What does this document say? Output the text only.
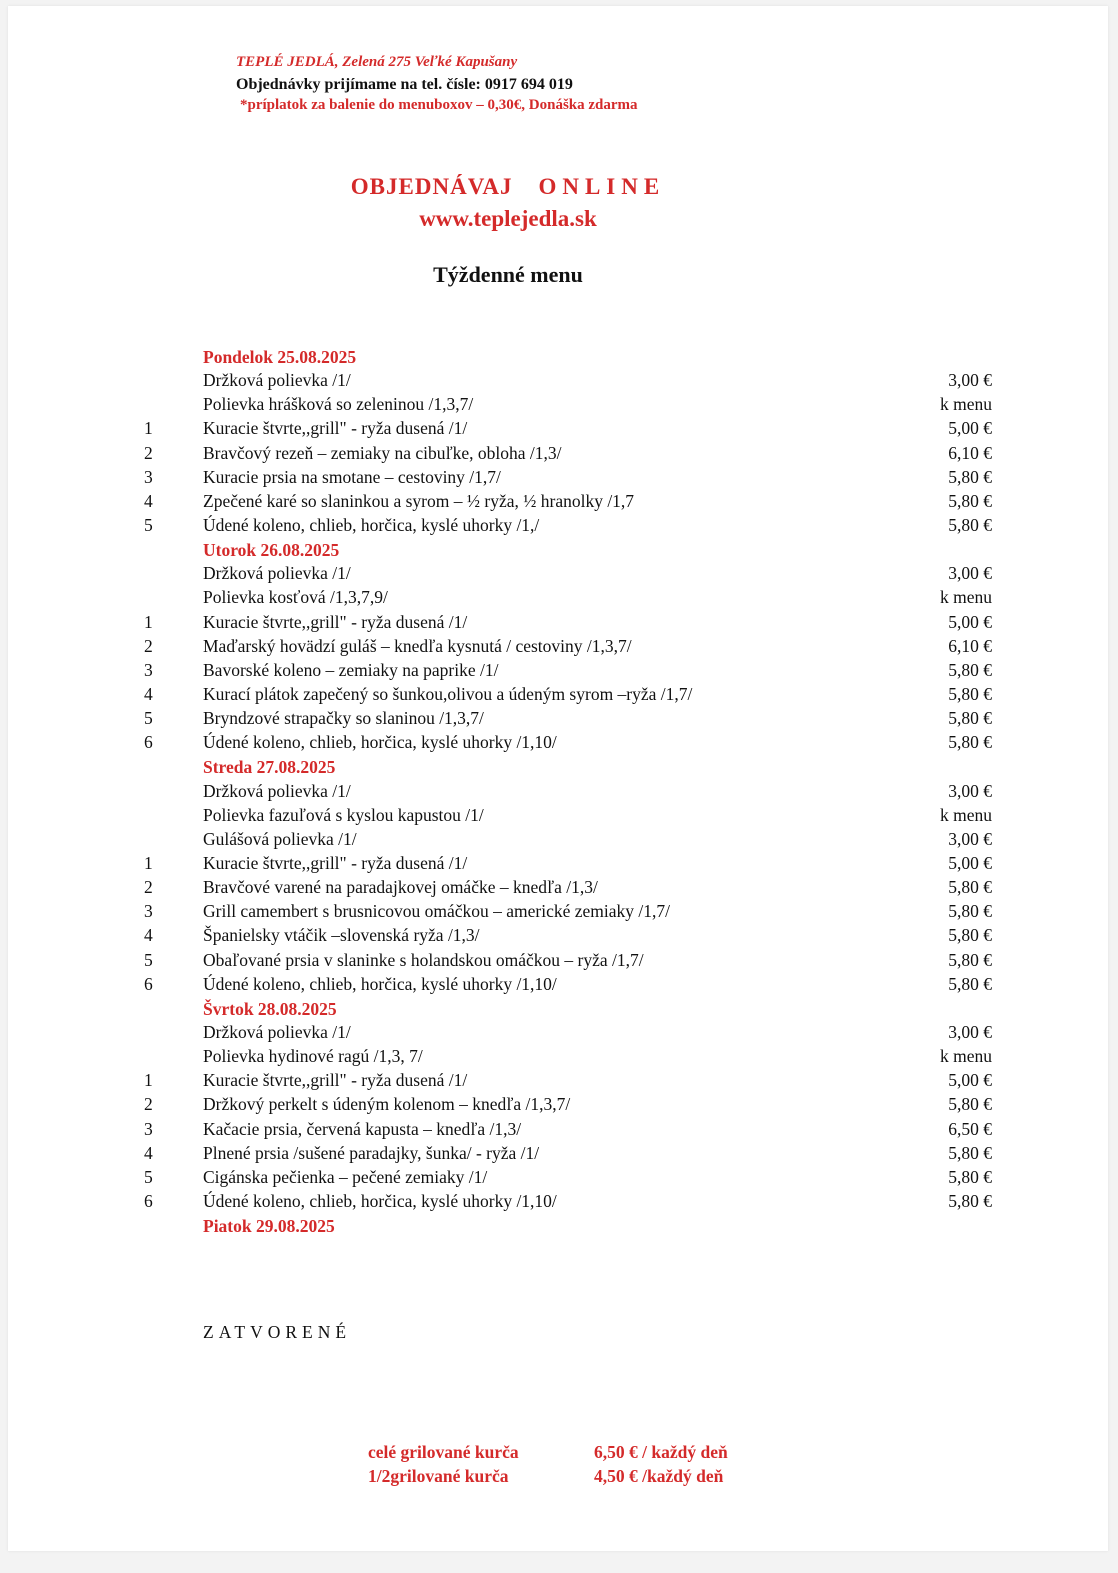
TEPLÉ JEDLÁ, Zelená 275 Veľké Kapušany
Objednávky prijímame na tel. čísle: 0917 694 019
*príplatok za balenie do menuboxov – 0,30€, Donáška zdarma
OBJEDNÁVAJ ONLINE
www.teplejedla.sk
Týždenné menu
Pondelok 25.08.2025
Držková polievka /1/	3,00 €
Polievka hrášková so zeleninou /1,3,7/	k menu
1	Kuracie štvrte,,grill" - ryža dusená /1/	5,00 €
2	Bravčový rezeň – zemiaky na cibuľke, obloha /1,3/	6,10 €
3	Kuracie prsia na smotane – cestoviny /1,7/	5,80 €
4	Zpečené karé so slaninkou a syrom – ½ ryža, ½ hranolky /1,7	5,80 €
5	Údené koleno, chlieb, horčica, kyslé uhorky /1,/	5,80 €
Utorok 26.08.2025
Držková polievka /1/	3,00 €
Polievka kosťová /1,3,7,9/	k menu
1	Kuracie štvrte,,grill" - ryža dusená /1/	5,00 €
2	Maďarský hovädzí guláš – knedľa kysnutá / cestoviny /1,3,7/	6,10 €
3	Bavorské koleno – zemiaky na paprike /1/	5,80 €
4	Kurací plátok zapečený so šunkou,olivou a údeným syrom –ryža /1,7/	5,80 €
5	Bryndzové strapačky so slaninou /1,3,7/	5,80 €
6	Údené koleno, chlieb, horčica, kyslé uhorky /1,10/	5,80 €
Streda 27.08.2025
Držková polievka /1/	3,00 €
Polievka fazuľová s kyslou kapustou /1/	k menu
Gulášová polievka /1/	3,00 €
1	Kuracie štvrte,,grill" - ryža dusená /1/	5,00 €
2	Bravčové varené na paradajkovej omáčke – knedľa /1,3/	5,80 €
3	Grill camembert s brusnicovou omáčkou – americké zemiaky /1,7/	5,80 €
4	Španielsky vtáčik –slovenská ryža /1,3/	5,80 €
5	Obaľované prsia v slaninke s holandskou omáčkou – ryža /1,7/	5,80 €
6	Údené koleno, chlieb, horčica, kyslé uhorky /1,10/	5,80 €
Švrtok 28.08.2025
Držková polievka /1/	3,00 €
Polievka hydinové ragú /1,3, 7/	k menu
1	Kuracie štvrte,,grill" - ryža dusená /1/	5,00 €
2	Držkový perkelt s údeným kolenom – knedľa /1,3,7/	5,80 €
3	Kačacie prsia, červená kapusta – knedľa /1,3/	6,50 €
4	Plnené prsia /sušené paradajky, šunka/ - ryža /1/	5,80 €
5	Cigánska pečienka – pečené zemiaky /1/	5,80 €
6	Údené koleno, chlieb, horčica, kyslé uhorky /1,10/	5,80 €
Piatok 29.08.2025
ZATVORENÉ
celé grilované kurča	6,50 € / každý deň
1/2grilované kurča	4,50 € /každý deň
